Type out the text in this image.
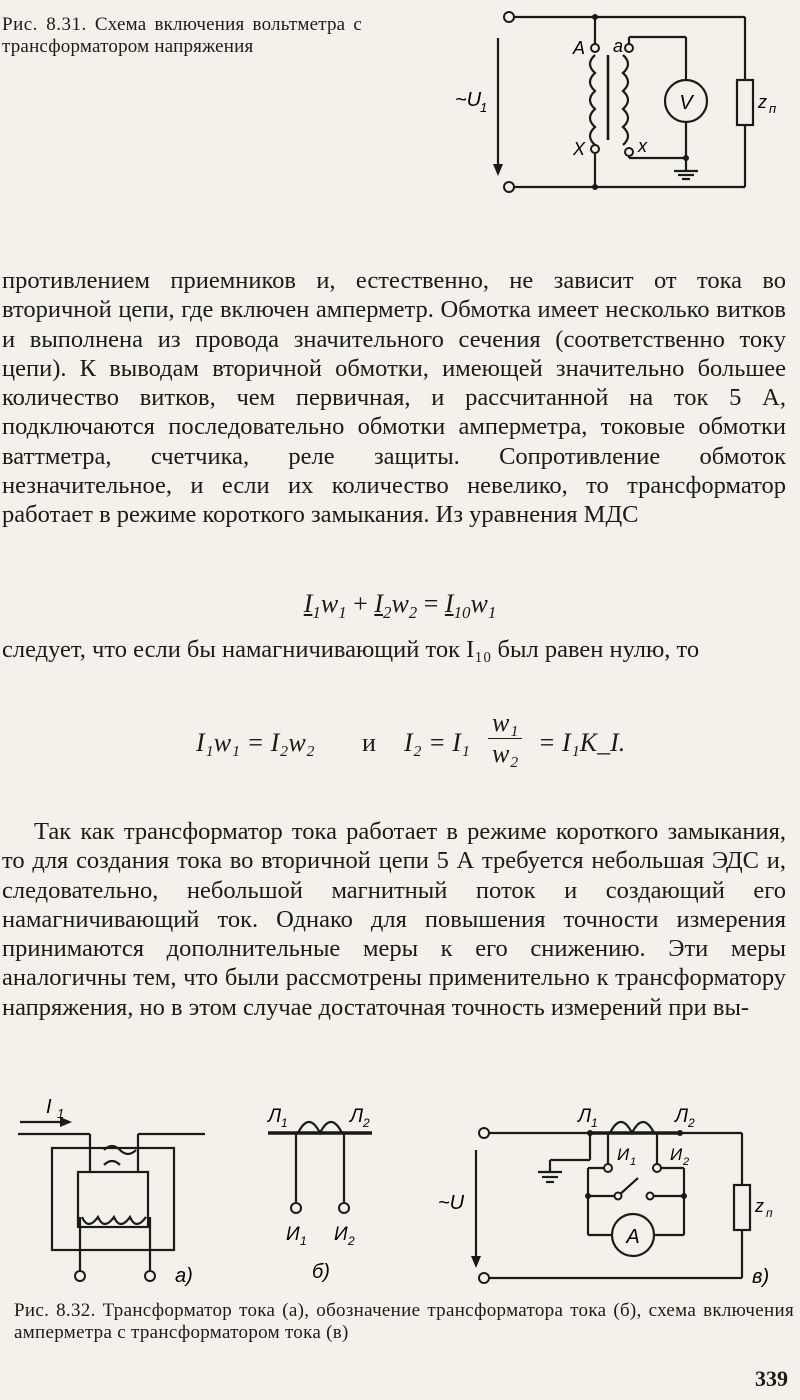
Рис. 8.31. Схема включения вольтметра с трансформатором напряжения
V	z п
~U
1
A a
X	x

противлением приемников и, естественно, не зависит от тока во вторичной цепи, где включен амперметр. Обмотка имеет несколько витков и выполнена из провода значительного сечения (соответственно току цепи). К выводам вторичной обмотки, имеющей значительно большее количество витков, чем первичная, и рассчитанной на ток 5 А, подключаются последовательно обмотки амперметра, токовые обмотки ваттметра, счетчика, реле защиты. Сопротивление обмоток незначительное, и если их количество невелико, то трансформатор работает в режиме короткого замыкания. Из уравнения МДС

$I_1w_1 + I_2w_2 = I_{10}w_1$

следует, что если бы намагничивающий ток I₁₀ был равен нулю, то

I₁w₁ = I₂w₂ и $I_2 = I_1 \frac{\text{w₁}}{\text{w₂}}$ = I₁K_I.

Так как трансформатор тока работает в режиме короткого замыкания, то для создания тока во вторичной цепи 5 А требуется небольшая ЭДС и, следовательно, небольшой магнитный поток и создающий его намагничивающий ток. Однако для повышения точности измерения принимаются дополнительные меры к его снижению. Эти меры аналогичны тем, что были рассмотрены применительно к трансформатору напряжения, но в этом случае достаточная точность измерений при вы-

I 1
а)
Л 1	Л 2
И 1 И 2
б)
A
z п
~U
Л 1	Л 2
И 1 И 2
в)
Рис. 8.32. Трансформатор тока (а), обозначение трансформатора тока (б), схема включения амперметра с трансформатором тока (в)
339
